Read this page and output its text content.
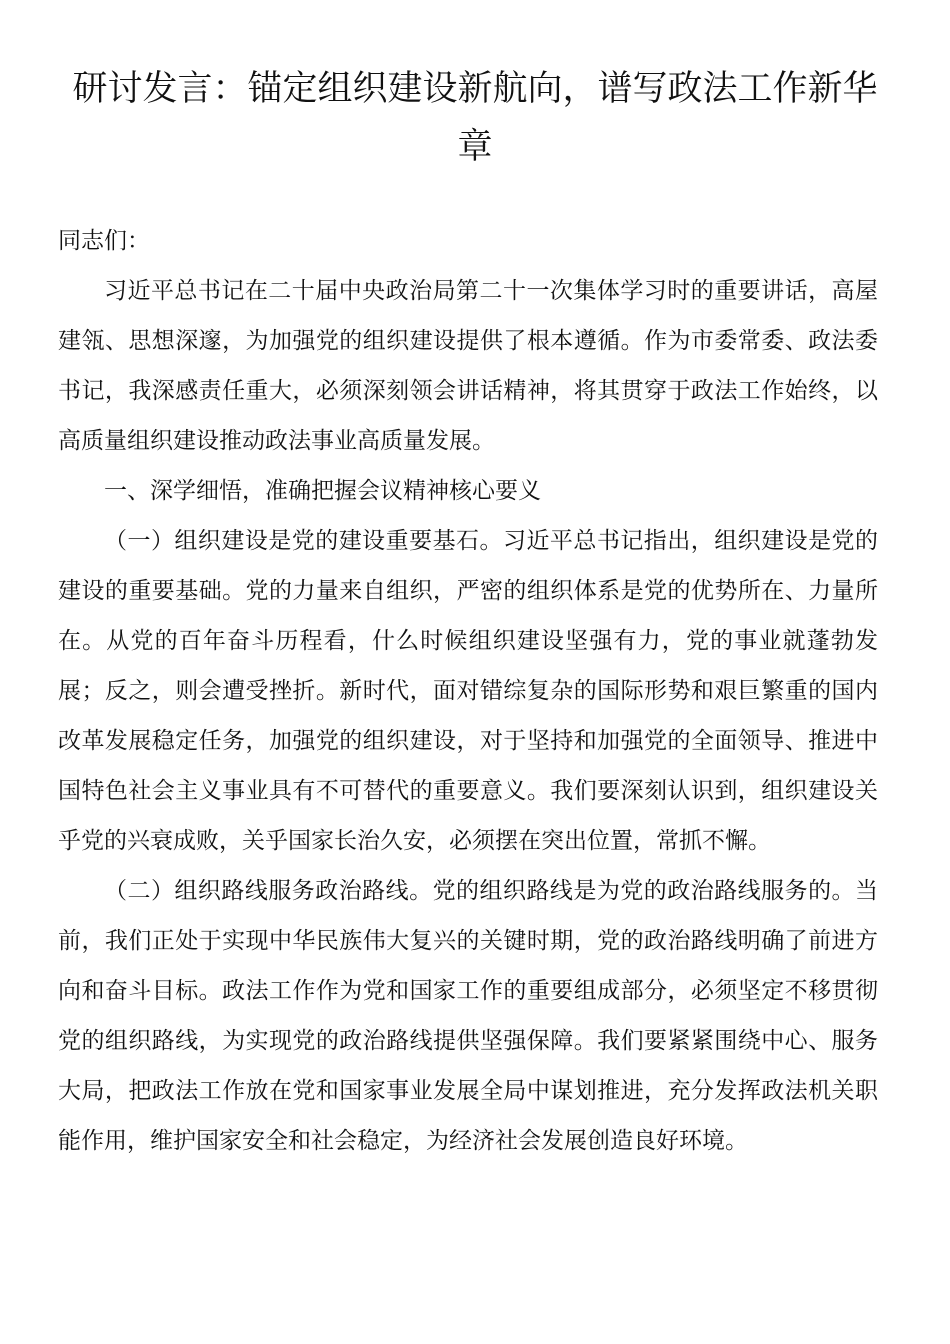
研讨发言：锚定组织建设新航向，谱写政法工作新华章

同志们：

习近平总书记在二十届中央政治局第二十一次集体学习时的重要讲话，高屋建瓴、思想深邃，为加强党的组织建设提供了根本遵循。作为市委常委、政法委书记，我深感责任重大，必须深刻领会讲话精神，将其贯穿于政法工作始终，以高质量组织建设推动政法事业高质量发展。

一、深学细悟，准确把握会议精神核心要义

（一）组织建设是党的建设重要基石。习近平总书记指出，组织建设是党的建设的重要基础。党的力量来自组织，严密的组织体系是党的优势所在、力量所在。从党的百年奋斗历程看，什么时候组织建设坚强有力，党的事业就蓬勃发展；反之，则会遭受挫折。新时代，面对错综复杂的国际形势和艰巨繁重的国内改革发展稳定任务，加强党的组织建设，对于坚持和加强党的全面领导、推进中国特色社会主义事业具有不可替代的重要意义。我们要深刻认识到，组织建设关乎党的兴衰成败，关乎国家长治久安，必须摆在突出位置，常抓不懈。

（二）组织路线服务政治路线。党的组织路线是为党的政治路线服务的。当前，我们正处于实现中华民族伟大复兴的关键时期，党的政治路线明确了前进方向和奋斗目标。政法工作作为党和国家工作的重要组成部分，必须坚定不移贯彻党的组织路线，为实现党的政治路线提供坚强保障。我们要紧紧围绕中心、服务大局，把政法工作放在党和国家事业发展全局中谋划推进，充分发挥政法机关职能作用，维护国家安全和社会稳定，为经济社会发展创造良好环境。
